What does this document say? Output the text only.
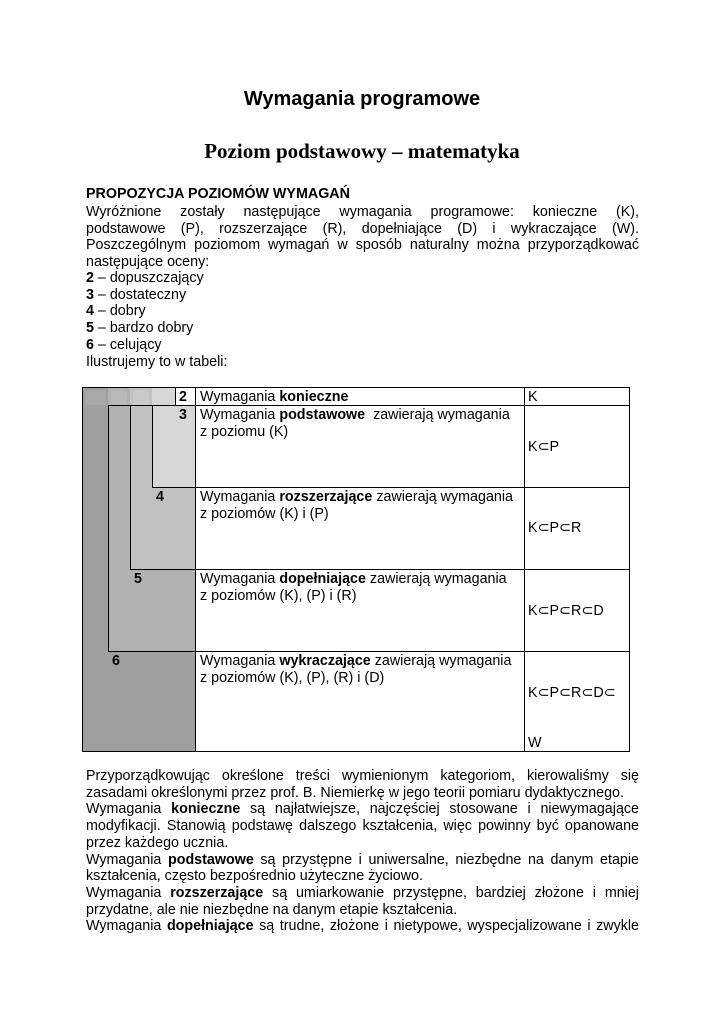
Wymagania programowe
Poziom podstawowy – matematyka
PROPOZYCJA POZIOMÓW WYMAGAŃ
Wyróżnione zostały następujące wymagania programowe: konieczne (K),
podstawowe (P), rozszerzające (R), dopełniające (D) i wykraczające (W).
Poszczególnym poziomom wymagań w sposób naturalny można przyporządkować
następujące oceny:
2 – dopuszczający
3 – dostateczny
4 – dobry
5 – bardzo dobry
6 – celujący
Ilustrujemy to w tabeli:
2
3
4
5
6
Wymagania konieczne
Wymagania podstawowe  zawierają wymagania
z poziomu (K)
Wymagania rozszerzające zawierają wymagania
z poziomów (K) i (P)
Wymagania dopełniające zawierają wymagania
z poziomów (K), (P) i (R)
Wymagania wykraczające zawierają wymagania
z poziomów (K), (P), (R) i (D)
K
K⊂P
K⊂P⊂R
K⊂P⊂R⊂D
K⊂P⊂R⊂D⊂
W

Przyporządkowując określone treści wymienionym kategoriom, kierowaliśmy się

zasadami określonymi przez prof. B. Niemierkę w jego teorii pomiaru dydaktycznego.

Wymagania konieczne są najłatwiejsze, najczęściej stosowane i niewymagające

modyfikacji. Stanowią podstawę dalszego kształcenia, więc powinny być opanowane

przez każdego ucznia.

Wymagania podstawowe są przystępne i uniwersalne, niezbędne na danym etapie

kształcenia, często bezpośrednio użyteczne życiowo.

Wymagania rozszerzające są umiarkowanie przystępne, bardziej złożone i mniej

przydatne, ale nie niezbędne na danym etapie kształcenia.

Wymagania dopełniające są trudne, złożone i nietypowe, wyspecjalizowane i zwykle
